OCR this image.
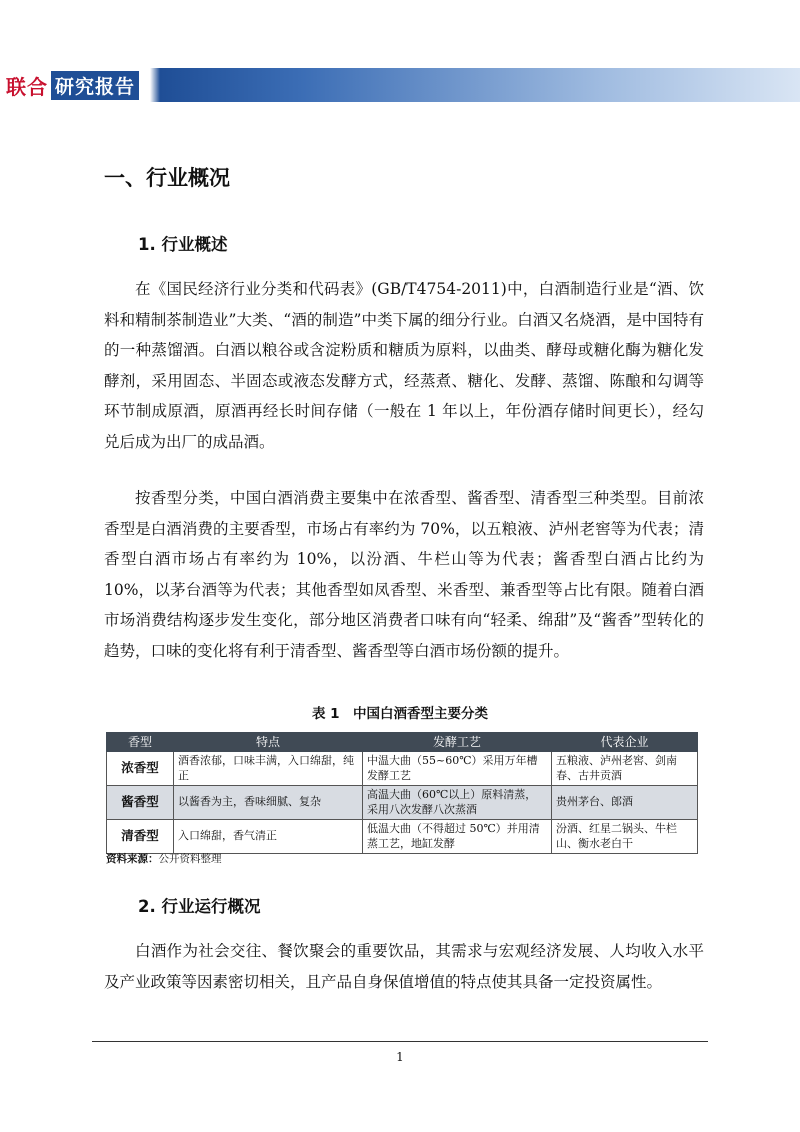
联合 研究报告
一、行业概况
1. 行业概述

在《国民经济行业分类和代码表》(GB/T4754-2011)中，白酒制造行业是“酒、饮料和精制茶制造业”大类、“酒的制造”中类下属的细分行业。白酒又名烧酒，是中国特有的一种蒸馏酒。白酒以粮谷或含淀粉质和糖质为原料，以曲类、酵母或糖化酶为糖化发酵剂，采用固态、半固态或液态发酵方式，经蒸煮、糖化、发酵、蒸馏、陈酿和勾调等环节制成原酒，原酒再经长时间存储（一般在 1 年以上，年份酒存储时间更长），经勾兑后成为出厂的成品酒。

按香型分类，中国白酒消费主要集中在浓香型、酱香型、清香型三种类型。目前浓香型是白酒消费的主要香型，市场占有率约为 70%，以五粮液、泸州老窖等为代表；清香型白酒市场占有率约为 10%，以汾酒、牛栏山等为代表；酱香型白酒占比约为 10%，以茅台酒等为代表；其他香型如凤香型、米香型、兼香型等占比有限。随着白酒市场消费结构逐步发生变化，部分地区消费者口味有向“轻柔、绵甜”及“酱香”型转化的趋势，口味的变化将有利于清香型、酱香型等白酒市场份额的提升。

表 1　中国白酒香型主要分类
香型	特点	发酵工艺	代表企业
浓香型	酒香浓郁，口味丰满，入口绵甜，纯正	中温大曲（55~60℃）采用万年槽发酵工艺	五粮液、泸州老窖、剑南春、古井贡酒
酱香型	以酱香为主，香味细腻、复杂	高温大曲（60℃以上）原料清蒸，采用八次发酵八次蒸酒	贵州茅台、郎酒
清香型	入口绵甜，香气清正	低温大曲（不得超过 50℃）并用清蒸工艺，地缸发酵	汾酒、红星二锅头、牛栏山、衡水老白干
资料来源：公开资料整理
2. 行业运行概况

白酒作为社会交往、餐饮聚会的重要饮品，其需求与宏观经济发展、人均收入水平及产业政策等因素密切相关，且产品自身保值增值的特点使其具备一定投资属性。

1
